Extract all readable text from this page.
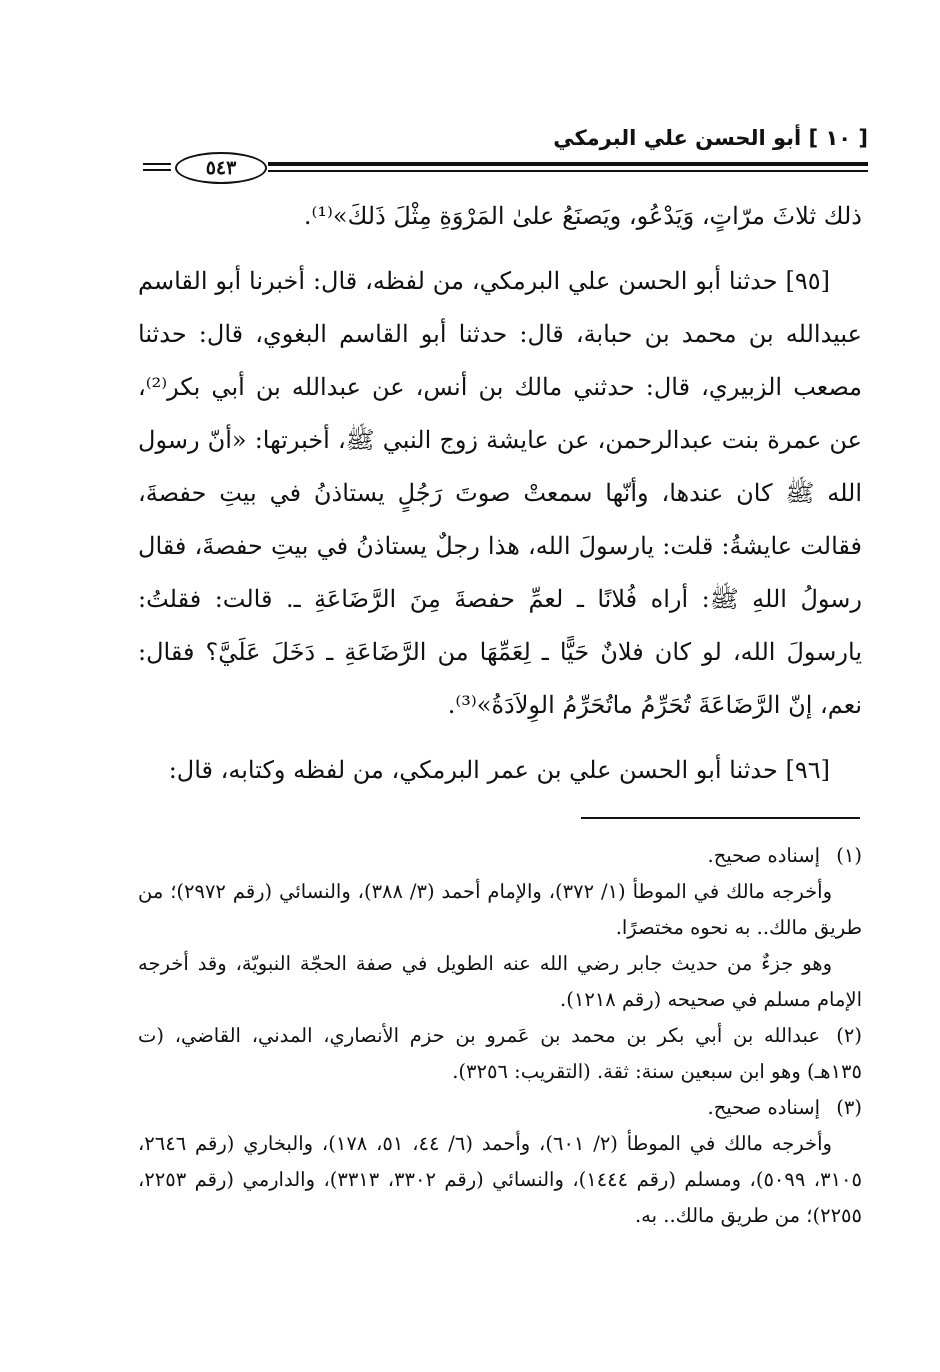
[ ١٠ ] أبو الحسن علي البرمكي
٥٤٣

ذلك ثلاثَ مرّاتٍ، وَيَدْعُو، ويَصنَعُ علىٰ المَرْوَةِ مِثْلَ ذَلكَ»⁽¹⁾.

[٩٥] حدثنا أبو الحسن علي البرمكي، من لفظه، قال: أخبرنا أبو القاسم عبيدالله بن محمد بن حبابة، قال: حدثنا أبو القاسم البغوي، قال: حدثنا مصعب الزبيري، قال: حدثني مالك بن أنس، عن عبدالله بن أبي بكر⁽²⁾، عن عمرة بنت عبدالرحمن، عن عايشة زوج النبي ﷺ، أخبرتها: «أنّ رسول الله ﷺ كان عندها، وأنّها سمعتْ صوتَ رَجُلٍ يستاذنُ في بيتِ حفصةَ، فقالت عايشةُ: قلت: يارسولَ الله، هذا رجلٌ يستاذنُ في بيتِ حفصةَ، فقال رسولُ اللهِ ﷺ: أراه فُلانًا ـ لعمِّ حفصةَ مِنَ الرَّضَاعَةِ ـ. قالت: فقلتُ: يارسولَ الله، لو كان فلانٌ حَيًّا ـ لِعَمِّهَا من الرَّضَاعَةِ ـ دَخَلَ عَلَيَّ؟ فقال: نعم، إنّ الرَّضَاعَةَ تُحَرِّمُ ماتُحَرِّمُ الوِلاَدَةُ»⁽³⁾.

[٩٦] حدثنا أبو الحسن علي بن عمر البرمكي، من لفظه وكتابه، قال:

(١)إسناده صحيح.

وأخرجه مالك في الموطأ (١/ ٣٧٢)، والإمام أحمد (٣/ ٣٨٨)، والنسائي (رقم ٢٩٧٢)؛ من طريق مالك.. به نحوه مختصرًا.

وهو جزءٌ من حديث جابر رضي الله عنه الطويل في صفة الحجّة النبويّة، وقد أخرجه الإمام مسلم في صحيحه (رقم ١٢١٨).

(٢)عبدالله بن أبي بكر بن محمد بن عَمرو بن حزم الأنصاري، المدني، القاضي، (ت ١٣٥هـ) وهو ابن سبعين سنة: ثقة. (التقريب: ٣٢٥٦).

(٣)إسناده صحيح.

وأخرجه مالك في الموطأ (٢/ ٦٠١)، وأحمد (٦/ ٤٤، ٥١، ١٧٨)، والبخاري (رقم ٢٦٤٦، ٣١٠٥، ٥٠٩٩)، ومسلم (رقم ١٤٤٤)، والنسائي (رقم ٣٣٠٢، ٣٣١٣)، والدارمي (رقم ٢٢٥٣، ٢٢٥٥)؛ من طريق مالك.. به.
